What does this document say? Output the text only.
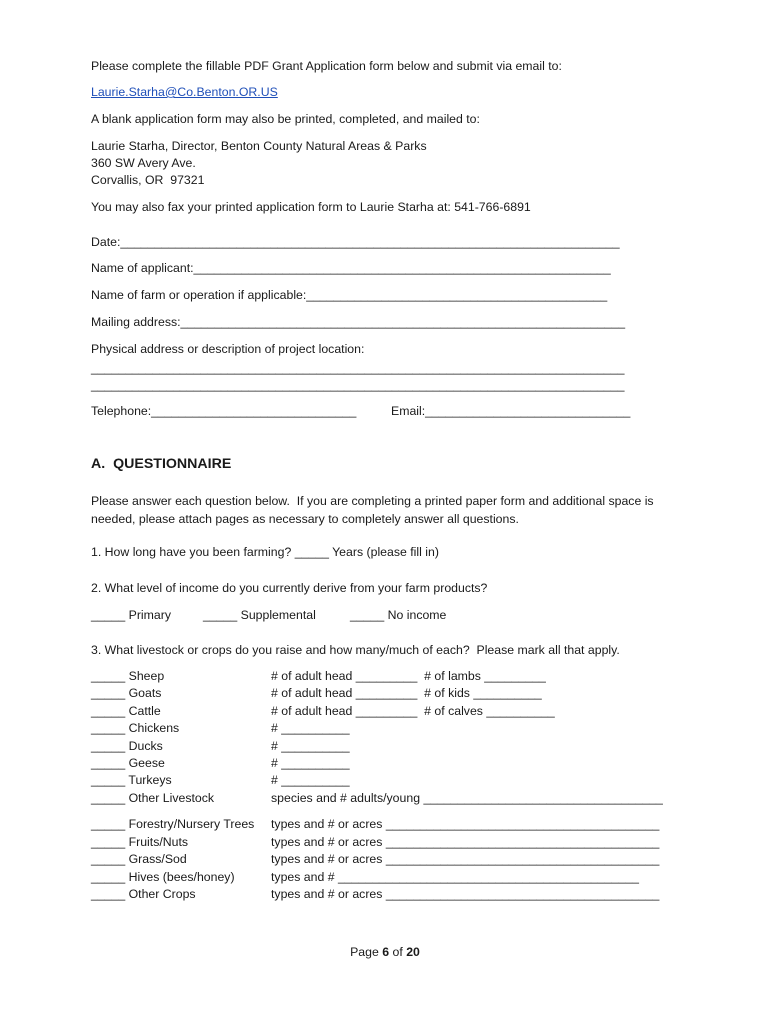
Please complete the fillable PDF Grant Application form below and submit via email to:
Laurie.Starha@Co.Benton.OR.US
A blank application form may also be printed, completed, and mailed to:
Laurie Starha, Director, Benton County Natural Areas & Parks
360 SW Avery Ave.
Corvallis, OR  97321
You may also fax your printed application form to Laurie Starha at: 541-766-6891
Date:_________________________________________________________________________
Name of applicant:_____________________________________________________________
Name of farm or operation if applicable:____________________________________________
Mailing address:_________________________________________________________________
Physical address or description of project location:
______________________________________________________________________________
______________________________________________________________________________
Telephone:______________________________	Email:______________________________
A.  QUESTIONNAIRE
Please answer each question below.  If you are completing a printed paper form and additional space is
needed, please attach pages as necessary to completely answer all questions.
1. How long have you been farming? _____ Years (please fill in)
2. What level of income do you currently derive from your farm products?
_____ Primary	_____ Supplemental	_____ No income
3. What livestock or crops do you raise and how many/much of each?  Please mark all that apply.
_____ Sheep	# of adult head _________  # of lambs _________
_____ Goats	# of adult head _________  # of kids __________
_____ Cattle	# of adult head _________  # of calves __________
_____ Chickens	# __________
_____ Ducks	# __________
_____ Geese	# __________
_____ Turkeys	# __________
_____ Other Livestock	species and # adults/young ___________________________________
_____ Forestry/Nursery Trees types and # or acres ________________________________________
_____ Fruits/Nuts	types and # or acres ________________________________________
_____ Grass/Sod	types and # or acres ________________________________________
_____ Hives (bees/honey)	types and # ____________________________________________
_____ Other Crops	types and # or acres ________________________________________
Page 6 of 20
